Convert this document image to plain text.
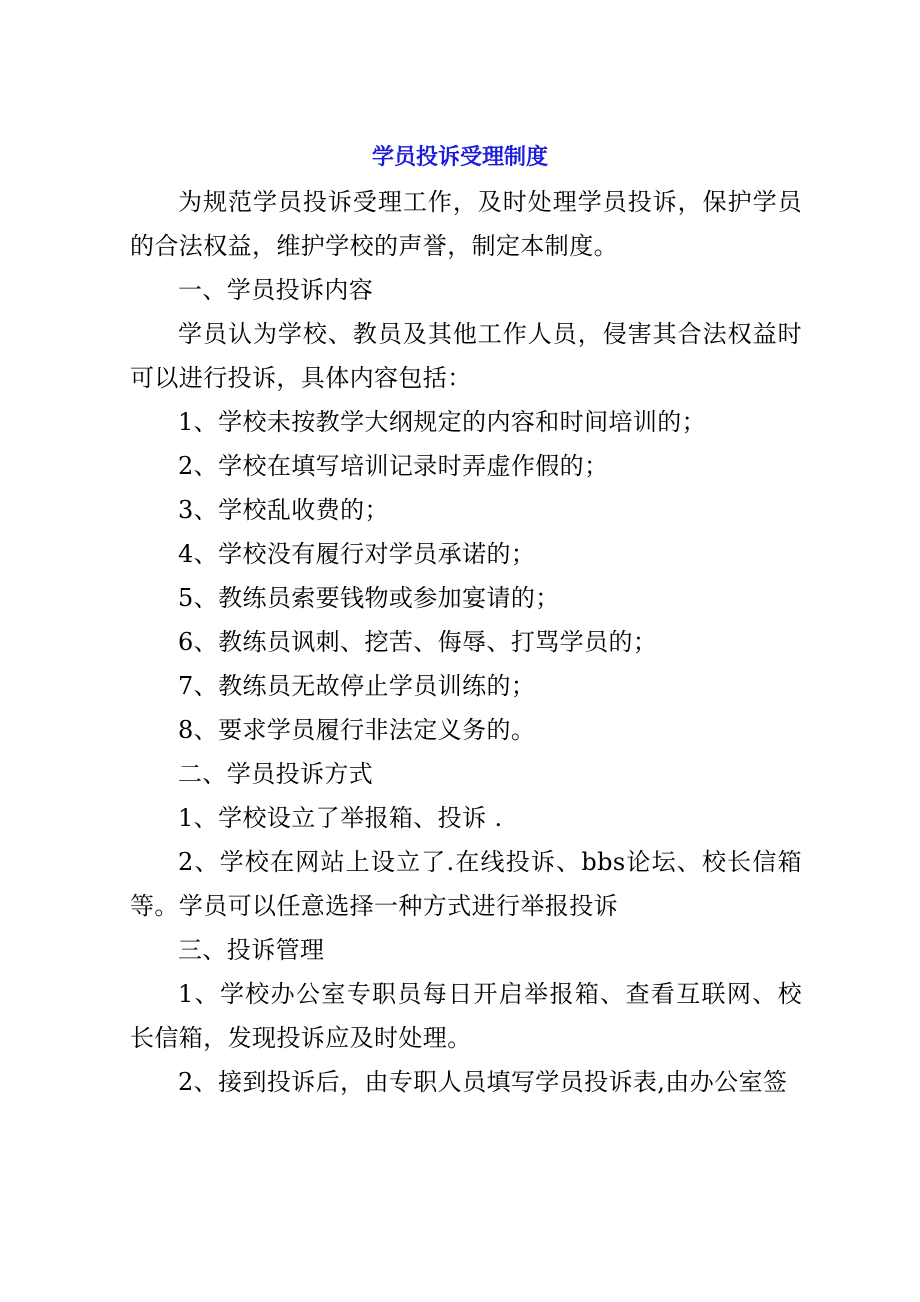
学员投诉受理制度

为规范学员投诉受理工作，及时处理学员投诉，保护学员的合法权益，维护学校的声誉，制定本制度。

一、学员投诉内容

学员认为学校、教员及其他工作人员，侵害其合法权益时可以进行投诉，具体内容包括：

1、学校未按教学大纲规定的内容和时间培训的；

2、学校在填写培训记录时弄虚作假的；

3、学校乱收费的；

4、学校没有履行对学员承诺的；

5、教练员索要钱物或参加宴请的；

6、教练员讽刺、挖苦、侮辱、打骂学员的；

7、教练员无故停止学员训练的；

8、要求学员履行非法定义务的。

二、学员投诉方式

1、学校设立了举报箱、投诉 .

2、学校在网站上设立了.在线投诉、bbs论坛、校长信箱等。学员可以任意选择一种方式进行举报投诉

三、投诉管理

1、学校办公室专职员每日开启举报箱、查看互联网、校长信箱，发现投诉应及时处理。

2、接到投诉后，由专职人员填写学员投诉表,由办公室签
